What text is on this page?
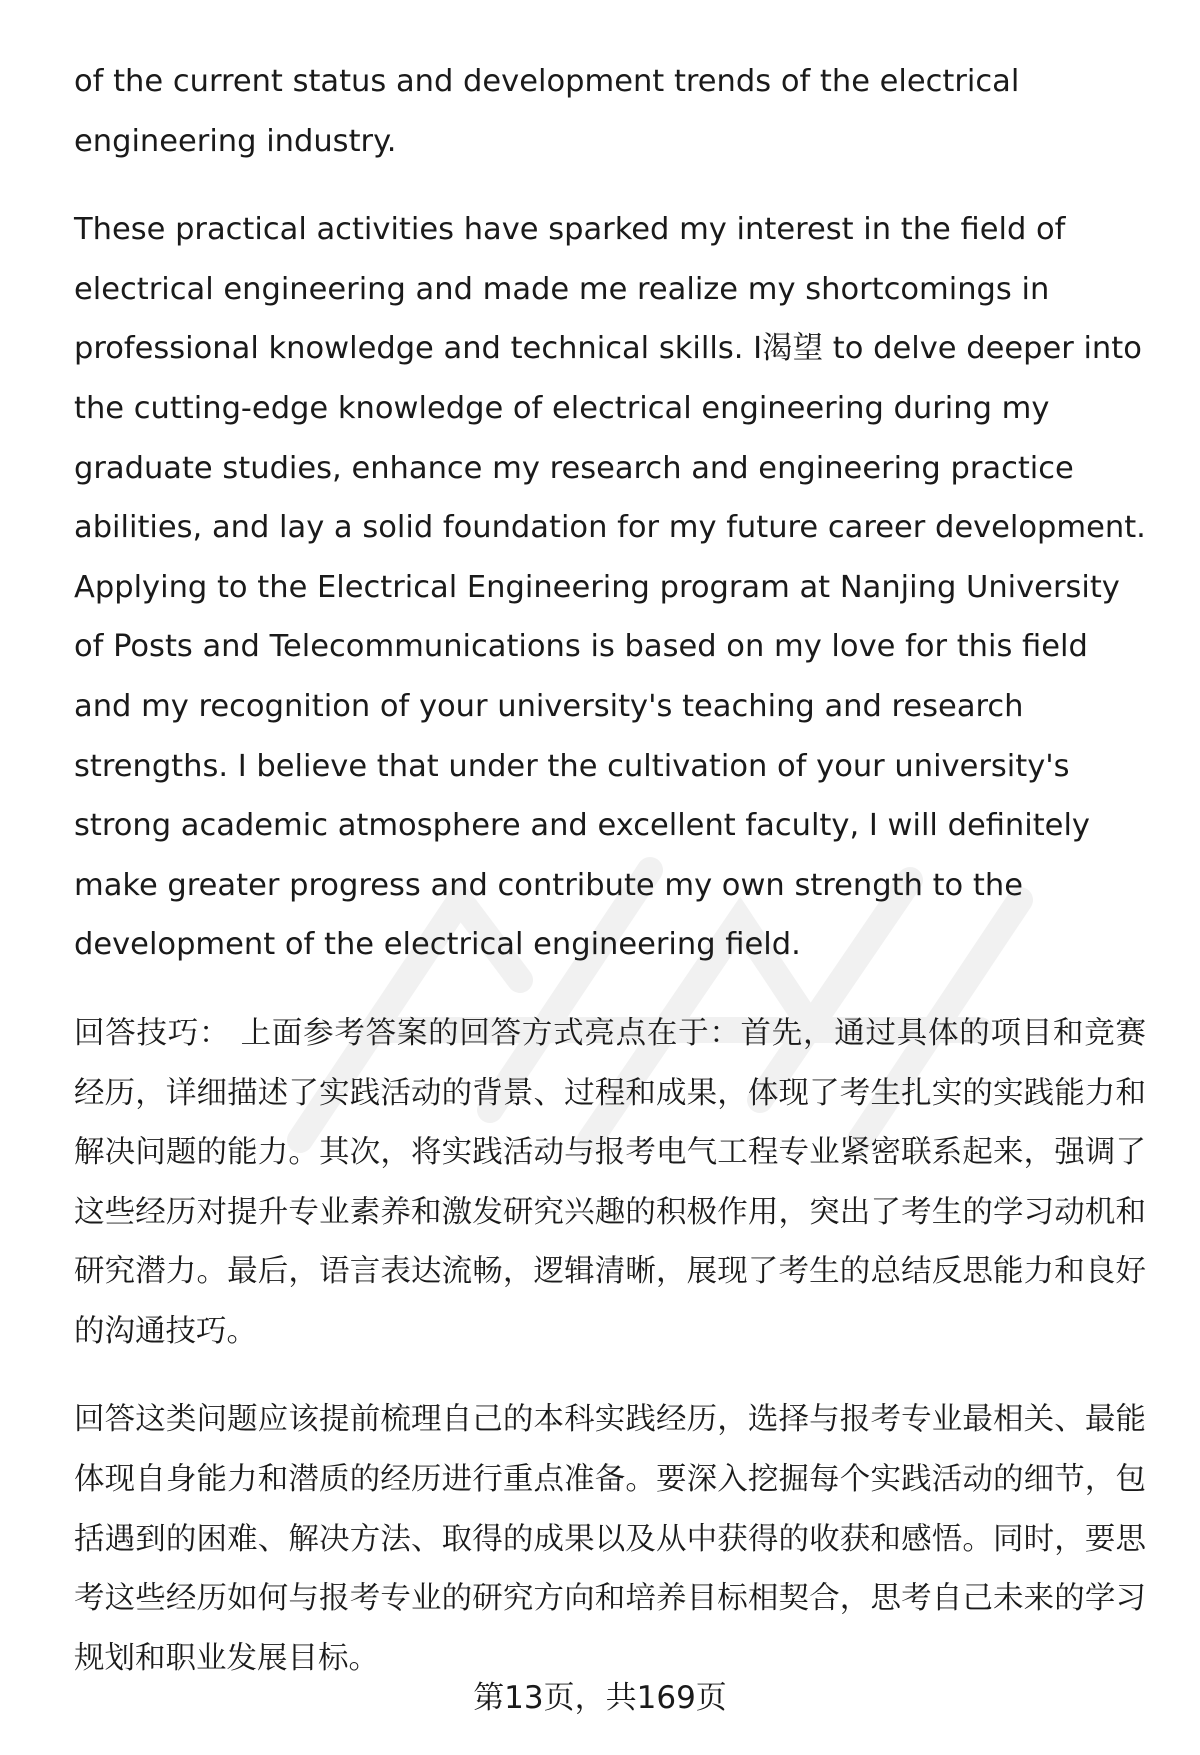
of the current status and development trends of the electrical engineering industry.

These practical activities have sparked my interest in the field of electrical engineering and made me realize my shortcomings in professional knowledge and technical skills. I渴望 to delve deeper into the cutting-edge knowledge of electrical engineering during my graduate studies, enhance my research and engineering practice abilities, and lay a solid foundation for my future career development. Applying to the Electrical Engineering program at Nanjing University of Posts and Telecommunications is based on my love for this field and my recognition of your university's teaching and research strengths. I believe that under the cultivation of your university's strong academic atmosphere and excellent faculty, I will definitely make greater progress and contribute my own strength to the development of the electrical engineering field.

回答技巧： 上面参考答案的回答方式亮点在于：首先，通过具体的项目和竞赛经历，详细描述了实践活动的背景、过程和成果，体现了考生扎实的实践能力和解决问题的能力。其次，将实践活动与报考电气工程专业紧密联系起来，强调了这些经历对提升专业素养和激发研究兴趣的积极作用，突出了考生的学习动机和研究潜力。最后，语言表达流畅，逻辑清晰，展现了考生的总结反思能力和良好的沟通技巧。

回答这类问题应该提前梳理自己的本科实践经历，选择与报考专业最相关、最能体现自身能力和潜质的经历进行重点准备。要深入挖掘每个实践活动的细节，包括遇到的困难、解决方法、取得的成果以及从中获得的收获和感悟。同时，要思考这些经历如何与报考专业的研究方向和培养目标相契合，思考自己未来的学习规划和职业发展目标。

第13页，共169页
